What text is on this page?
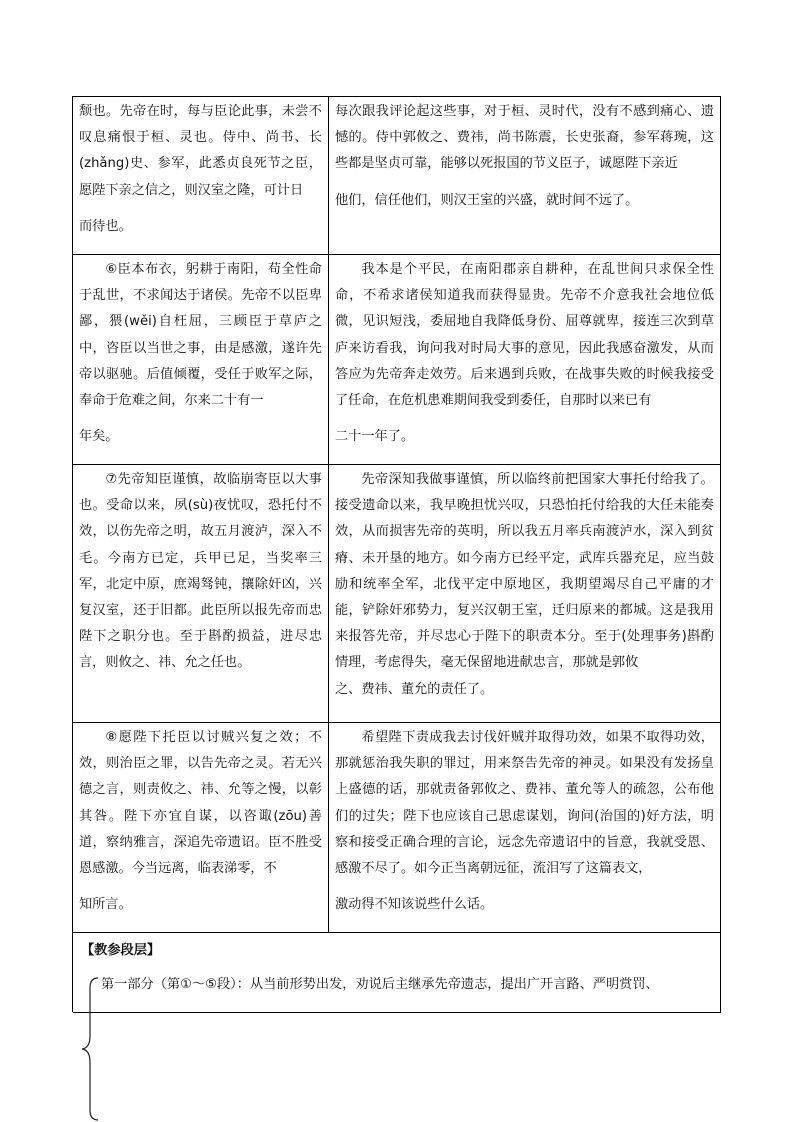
颓也。先帝在时，每与臣论此事，未尝不叹息痛恨于桓、灵也。侍中、尚书、长(zhǎng)史、参军，此悉贞良死节之臣，愿陛下亲之信之，则汉室之隆，可计日

而待也。

每次跟我评论起这些事，对于桓、灵时代，没有不感到痛心、遗憾的。侍中郭攸之、费祎，尚书陈震，长史张裔，参军蒋琬，这些都是坚贞可靠，能够以死报国的节义臣子，诚愿陛下亲近

他们，信任他们，则汉王室的兴盛，就时间不远了。

⑥臣本布衣，躬耕于南阳，苟全性命于乱世，不求闻达于诸侯。先帝不以臣卑鄙，猥(wěi)自枉屈，三顾臣于草庐之中，咨臣以当世之事，由是感激，遂许先帝以驱驰。后值倾覆，受任于败军之际，奉命于危难之间，尔来二十有一

年矣。

我本是个平民，在南阳郡亲自耕种，在乱世间只求保全性命，不希求诸侯知道我而获得显贵。先帝不介意我社会地位低微，见识短浅，委屈地自我降低身份、屈尊就卑，接连三次到草庐来访看我，询问我对时局大事的意见，因此我感奋激发，从而答应为先帝奔走效劳。后来遇到兵败，在战事失败的时候我接受了任命，在危机患难期间我受到委任，自那时以来已有

二十一年了。

⑦先帝知臣谨慎，故临崩寄臣以大事也。受命以来，夙(sù)夜忧叹，恐托付不效，以伤先帝之明，故五月渡泸，深入不毛。今南方已定，兵甲已足，当奖率三军，北定中原，庶竭驽钝，攘除奸凶，兴复汉室，还于旧都。此臣所以报先帝而忠陛下之职分也。至于斟酌损益，进尽忠言，则攸之、祎、允之任也。

先帝深知我做事谨慎，所以临终前把国家大事托付给我了。接受遗命以来，我早晚担忧兴叹，只恐怕托付给我的大任未能奏效，从而损害先帝的英明，所以我五月率兵南渡泸水，深入到贫瘠、未开垦的地方。如今南方已经平定，武库兵器充足，应当鼓励和统率全军，北伐平定中原地区，我期望竭尽自己平庸的才能，铲除奸邪势力，复兴汉朝王室，迁归原来的都城。这是我用来报答先帝，并尽忠心于陛下的职责本分。至于(处理事务)斟酌情理，考虑得失，毫无保留地进献忠言，那就是郭攸

之、费祎、董允的责任了。

⑧愿陛下托臣以讨贼兴复之效；不效，则治臣之罪，以告先帝之灵。若无兴德之言，则责攸之、祎、允等之慢，以彰其咎。陛下亦宜自谋，以咨诹(zōu)善道，察纳雅言，深追先帝遗诏。臣不胜受恩感激。今当远离，临表涕零，不

知所言。

希望陛下责成我去讨伐奸贼并取得功效，如果不取得功效，那就惩治我失职的罪过，用来祭告先帝的神灵。如果没有发扬皇上盛德的话，那就责备郭攸之、费祎、董允等人的疏忽，公布他们的过失；陛下也应该自己思虑谋划，询问(治国的)好方法，明察和接受正确合理的言论，远念先帝遗诏中的旨意，我就受恩、感激不尽了。如今正当离朝远征，流泪写了这篇表文，

激动得不知该说些什么话。

【教参段层】
第一部分（第①～⑤段）：从当前形势出发，劝说后主继承先帝遗志，提出广开言路、严明赏罚、
